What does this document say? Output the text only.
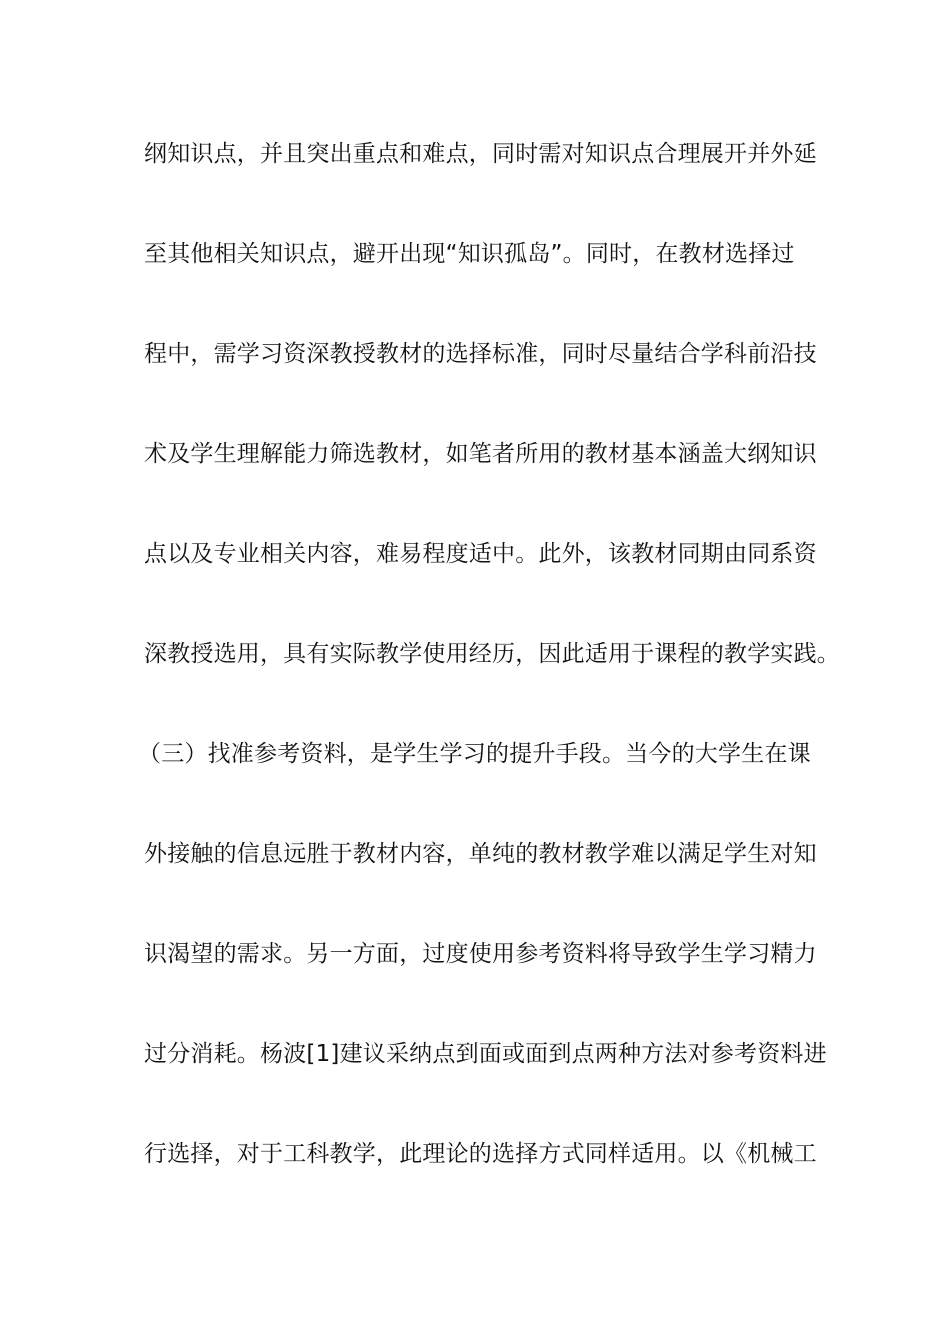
纲知识点，并且突出重点和难点，同时需对知识点合理展开并外延
至其他相关知识点，避开出现“知识孤岛”。同时，在教材选择过
程中，需学习资深教授教材的选择标准，同时尽量结合学科前沿技
术及学生理解能力筛选教材，如笔者所用的教材基本涵盖大纲知识
点以及专业相关内容，难易程度适中。此外，该教材同期由同系资
深教授选用，具有实际教学使用经历，因此适用于课程的教学实践。
（三）找准参考资料，是学生学习的提升手段。当今的大学生在课
外接触的信息远胜于教材内容，单纯的教材教学难以满足学生对知
识渴望的需求。另一方面，过度使用参考资料将导致学生学习精力
过分消耗。杨波[1]建议采纳点到面或面到点两种方法对参考资料进
行选择，对于工科教学，此理论的选择方式同样适用。以《机械工
